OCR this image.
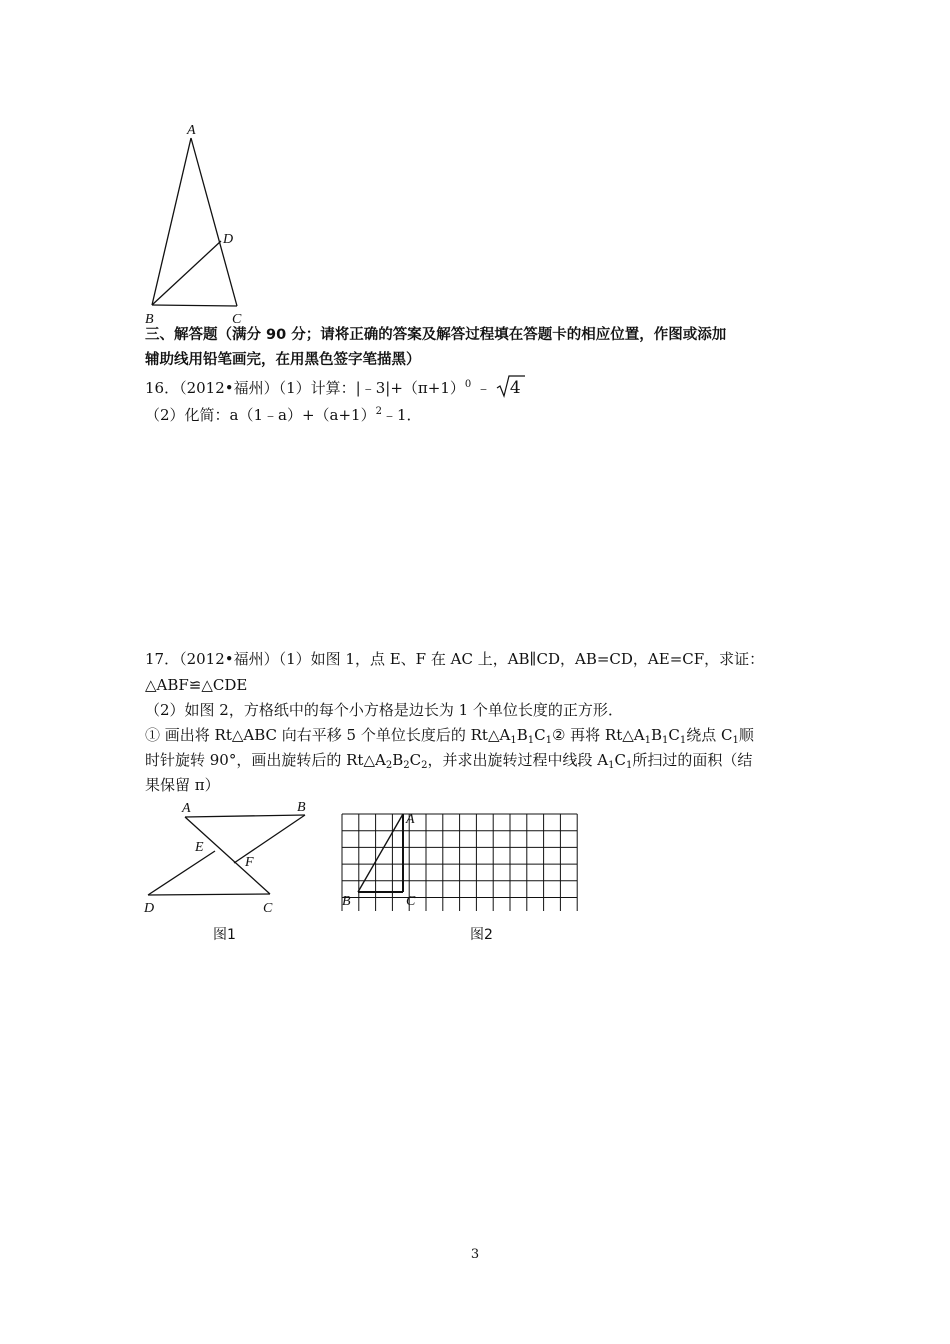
A
D
B	C
三、解答题（满分 90 分；请将正确的答案及解答过程填在答题卡的相应位置，作图或添加
辅助线用铅笔画完，在用黑色签字笔描黑）
16．（2012•福州）（1）计算：$|﹣3|+(\pi+1)^0$ ﹣ 4
（2）化简：$a(1﹣a)+(a+1)^2﹣1$．
17．（2012•福州）（1）如图 1，点 E、F 在 AC 上，AB∥CD，AB=CD，AE=CF，求证：
△ABF≌△CDE
（2）如图 2，方格纸中的每个小方格是边长为 1 个单位长度的正方形．
① 画出将 Rt△ABC 向右平移 5 个单位长度后的 $Rt\triangle A_1B_1C_1②$ 再将 $Rt\triangle A_1B_1C_1$绕点 $C_1$顺
时针旋转 90°，画出旋转后的 $Rt\triangle A_2B_2C_2$，并求出旋转过程中线段 $A_1C_1$所扫过的面积（结
果保留 π）
A	B
E
F
D	C
图1
A
B	C
图2
3
